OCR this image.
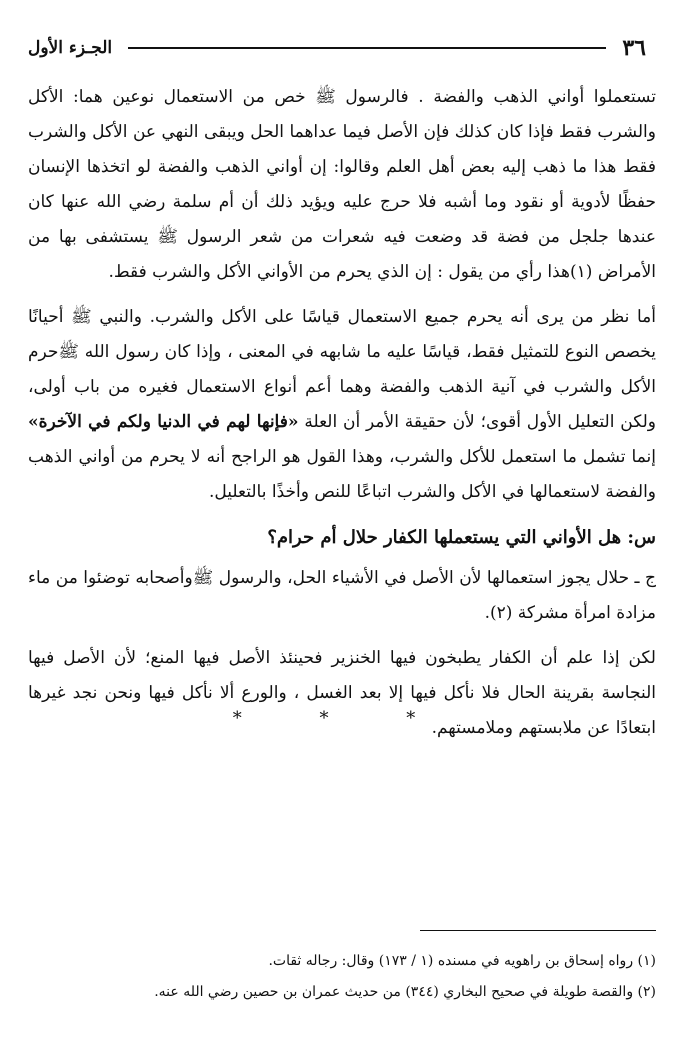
٣٦
الجـزء الأول

تستعملوا أواني الذهب والفضة . فالرسول ﷺ خص من الاستعمال نوعين هما: الأكل والشرب فقط فإذا كان كذلك فإن الأصل فيما عداهما الحل ويبقى النهي عن الأكل والشرب فقط هذا ما ذهب إليه بعض أهل العلم وقالوا: إن أواني الذهب والفضة لو اتخذها الإنسان حفظًا لأدوية أو نقود وما أشبه فلا حرج عليه ويؤيد ذلك أن أم سلمة رضي الله عنها كان عندها جلجل من فضة قد وضعت فيه شعرات من شعر الرسول ﷺ يستشفى بها من الأمراض (١)هذا رأي من يقول : إن الذي يحرم من الأواني الأكل والشرب فقط.

أما نظر من يرى أنه يحرم جميع الاستعمال قياسًا على الأكل والشرب. والنبي ﷺ أحيانًا يخصص النوع للتمثيل فقط، قياسًا عليه ما شابهه في المعنى ، وإذا كان رسول الله ﷺحرم الأكل والشرب في آنية الذهب والفضة وهما أعم أنواع الاستعمال فغيره من باب أولى، ولكن التعليل الأول أقوى؛ لأن حقيقة الأمر أن العلة «فإنها لهم في الدنيا ولكم في الآخرة» إنما تشمل ما استعمل للأكل والشرب، وهذا القول هو الراجح أنه لا يحرم من أواني الذهب والفضة لاستعمالها في الأكل والشرب اتباعًا للنص وأخذًا بالتعليل.

س: هل الأواني التي يستعملها الكفار حلال أم حرام؟

ج ـ حلال يجوز استعمالها لأن الأصل في الأشياء الحل، والرسول ﷺوأصحابه توضئوا من ماء مزادة امرأة مشركة (٢).

لكن إذا علم أن الكفار يطبخون فيها الخنزير فحينئذ الأصل فيها المنع؛ لأن الأصل فيها النجاسة بقرينة الحال فلا نأكل فيها إلا بعد الغسل ، والورع ألا نأكل فيها ونحن نجد غيرها ابتعادًا عن ملابستهم وملامستهم.

* * *

(١) رواه إسحاق بن راهويه في مسنده (١ / ١٧٣) وقال: رجاله ثقات.

(٢) والقصة طويلة في صحيح البخاري (٣٤٤) من حديث عمران بن حصين رضي الله عنه.
